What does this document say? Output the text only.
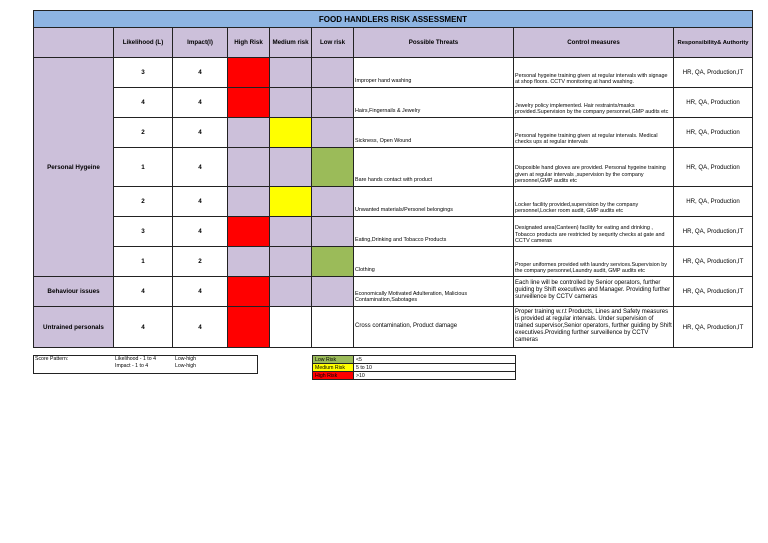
FOOD HANDLERS RISK ASSESSMENT								
	Likelihood (L)	Impact(I)	High Risk	Medium risk	Low risk	Possible Threats	Control measures	Responsibility& Authority
Personal Hygeine	3	4				Improper hand washing	Personal hygeine training given at regular intervals with signage at shop floors. CCTV monitoring at hand washing.	HR, QA, Production,IT
	4	4				Hairs,Fingernails & Jewelry	Jewelry policy implemented. Hair restraints/masks provided.Supervision by the company personnel,GMP audits etc	HR, QA, Production
	2	4				Sickness, Open Wound	Personal hygeine training given at regular intervals. Medical checks ups at regular intervals	HR, QA, Production
	1	4				Bare hands contact with product	Disposible hand gloves are provided. Personal hygeine training given at regular intervals ,supervision by the company personnel,GMP audits etc	HR, QA, Production
	2	4				Unwanted materials/Personel belongings	Locker facility provided,supervision by the company personnel,Locker room audit, GMP audits etc	HR, QA, Production
	3	4				Eating,Drinking and Tobacco Products	Designated area(Canteen) facility for eating and drinking , Tobacco products are restricted by sequrity checks at gate and CCTV cameras	HR, QA, Production,IT
	1	2				Clothing	Proper uniformes provided with laundry services.Supervision by the company personnel,Laundry audit, GMP audits etc	HR, QA, Production,IT
Behaviour issues	4	4				Economically Motivated Adulteration, Malicious Contamination,Sabotages	Each line will be controlled by Senior operators, further guiding by Shift executives and Manager. Providing further surveillence by CCTV cameras	HR, QA, Production,IT
Untrained personals	4	4				Cross contamination, Product damage	Proper training w.r.t Products, Lines and Safety measures is provided at regular intervals. Under supervision of trained supervisor,Senior operators, further guiding by Shift executives.Providing further surveillence by CCTV cameras	HR, QA, Production,IT
Score Pattern:	Likelihood - 1 to 4	Low-high
	Impact - 1 to 4	Low-high
Low Risk	<5
Medium Risk	5 to 10
High Risk	>10
